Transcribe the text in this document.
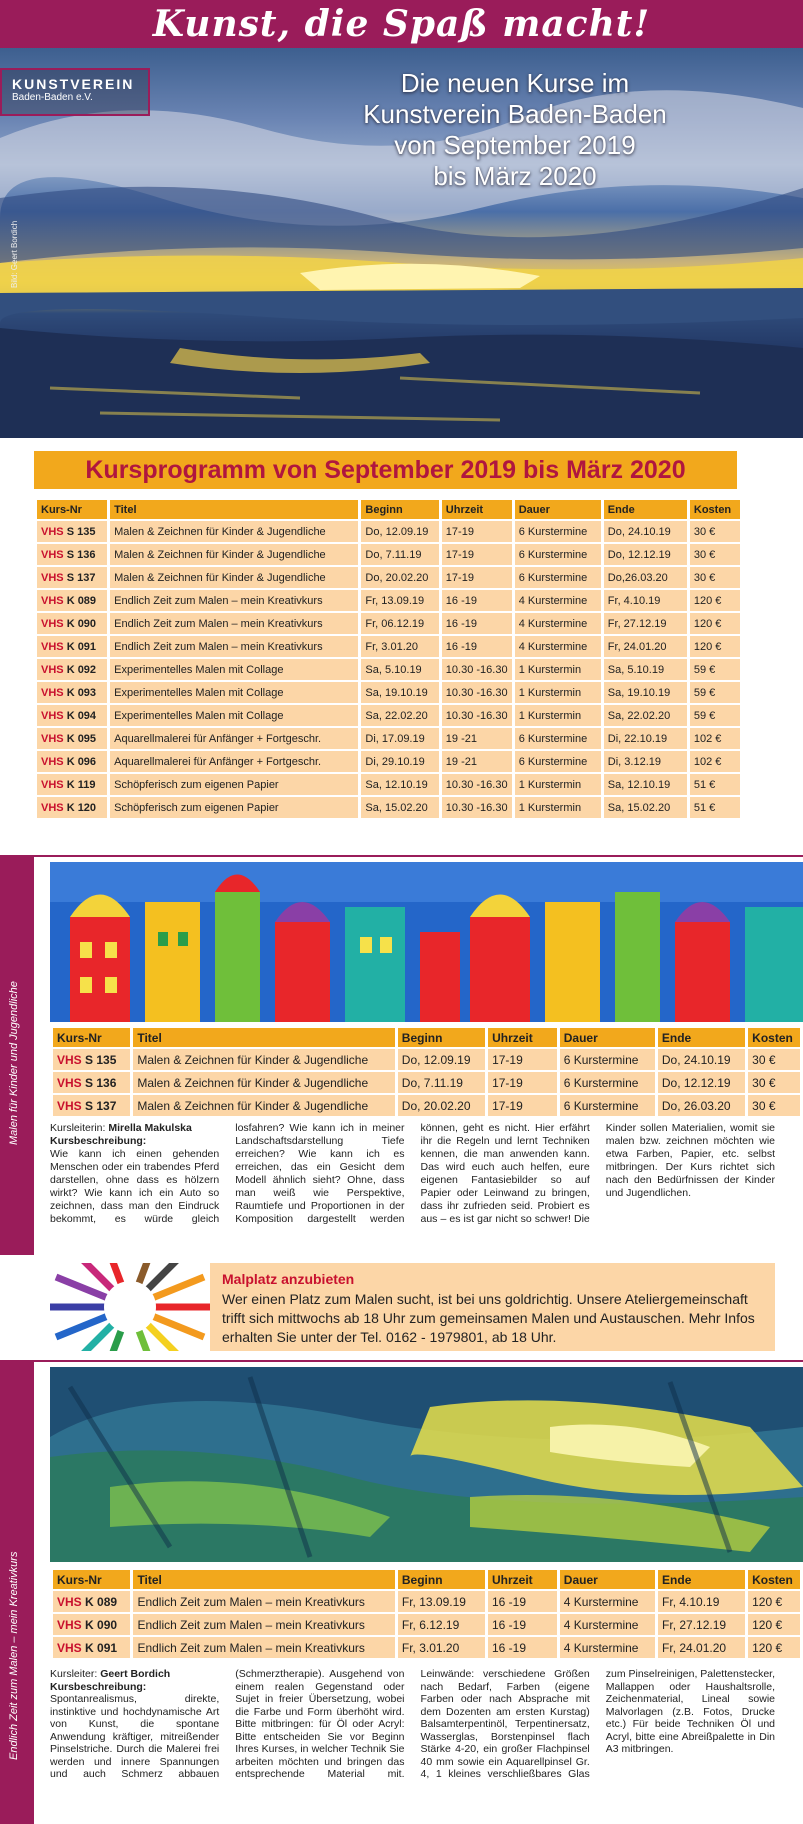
Kunst, die Spaß macht!
KUNSTVEREIN
Baden-Baden e.V.	Die neuen Kurse im
Kunstverein Baden-Baden
von September 2019
bis März 2020
Bild: Geert Bordich
Kursprogramm von September 2019 bis März 2020
Kurs-Nr	Titel	Beginn	Uhrzeit	Dauer	Ende	Kosten
VHS S 135	Malen & Zeichnen für Kinder & Jugendliche	Do, 12.09.19	17-19	6 Kurstermine	Do, 24.10.19	30 €
VHS S 136	Malen & Zeichnen für Kinder & Jugendliche	Do, 7.11.19	17-19	6 Kurstermine	Do, 12.12.19	30 €
VHS S 137	Malen & Zeichnen für Kinder & Jugendliche	Do, 20.02.20	17-19	6 Kurstermine	Do,26.03.20	30 €
VHS K 089	Endlich Zeit zum Malen – mein Kreativkurs	Fr, 13.09.19	16 -19	4 Kurstermine	Fr, 4.10.19	120 €
VHS K 090	Endlich Zeit zum Malen – mein Kreativkurs	Fr, 06.12.19	16 -19	4 Kurstermine	Fr, 27.12.19	120 €
VHS K 091	Endlich Zeit zum Malen – mein Kreativkurs	Fr, 3.01.20	16 -19	4 Kurstermine	Fr, 24.01.20	120 €
VHS K 092	Experimentelles Malen mit Collage	Sa, 5.10.19	10.30 -16.30	1 Kurstermin	Sa, 5.10.19	59 €
VHS K 093	Experimentelles Malen mit Collage	Sa, 19.10.19	10.30 -16.30	1 Kurstermin	Sa, 19.10.19	59 €
VHS K 094	Experimentelles Malen mit Collage	Sa, 22.02.20	10.30 -16.30	1 Kurstermin	Sa, 22.02.20	59 €
VHS K 095	Aquarellmalerei für Anfänger + Fortgeschr.	Di, 17.09.19	19 -21	6 Kurstermine	Di, 22.10.19	102 €
VHS K 096	Aquarellmalerei für Anfänger + Fortgeschr.	Di, 29.10.19	19 -21	6 Kurstermine	Di, 3.12.19	102 €
VHS K 119	Schöpferisch zum eigenen Papier	Sa, 12.10.19	10.30 -16.30	1 Kurstermin	Sa, 12.10.19	51 €
VHS K 120	Schöpferisch zum eigenen Papier	Sa, 15.02.20	10.30 -16.30	1 Kurstermin	Sa, 15.02.20	51 €
Malen für Kinder und Jugendliche	Kurs-Nr	Titel	Beginn	Uhrzeit	Dauer	Ende	Kosten
VHS S 135	Malen & Zeichnen für Kinder & Jugendliche	Do, 12.09.19	17-19	6 Kurstermine	Do, 24.10.19	30 €
VHS S 136	Malen & Zeichnen für Kinder & Jugendliche	Do, 7.11.19	17-19	6 Kurstermine	Do, 12.12.19	30 €
VHS S 137	Malen & Zeichnen für Kinder & Jugendliche	Do, 20.02.20	17-19	6 Kurstermine	Do, 26.03.20	30 €
Kursleiterin: Mirella Makulska
Kursbeschreibung:
Wie kann ich einen gehenden Menschen oder ein trabendes Pferd darstellen, ohne dass es hölzern wirkt? Wie kann ich ein Auto so zeichnen, dass man den Eindruck bekommt, es würde gleich losfahren? Wie kann ich in meiner Landschaftsdarstellung Tiefe erreichen? Wie kann ich es erreichen, das ein Gesicht dem Modell ähnlich sieht? Ohne, dass man weiß wie Perspektive, Raumtiefe und Proportionen in der Komposition dargestellt werden können, geht es nicht. Hier erfährt ihr die Regeln und lernt Techniken kennen, die man anwenden kann. Das wird euch auch helfen, eure eigenen Fantasiebilder so auf Papier oder Leinwand zu bringen, dass ihr zufrieden seid. Probiert es aus – es ist gar nicht so schwer! Die Kinder sollen Materialien, womit sie malen bzw. zeichnen möchten wie etwa Farben, Papier, etc. selbst mitbringen. Der Kurs richtet sich nach den Bedürfnissen der Kinder und Jugendlichen.
Malplatz anzubieten
Wer einen Platz zum Malen sucht, ist bei uns goldrichtig. Unsere Ateliergemeinschaft trifft sich mittwochs ab 18 Uhr zum gemeinsamen Malen und Austauschen. Mehr Infos erhalten Sie unter der Tel. 0162 - 1979801, ab 18 Uhr.
Endlich Zeit zum Malen – mein Kreativkurs	Kurs-Nr	Titel	Beginn	Uhrzeit	Dauer	Ende	Kosten
VHS K 089	Endlich Zeit zum Malen – mein Kreativkurs	Fr, 13.09.19	16 -19	4 Kurstermine	Fr, 4.10.19	120 €
VHS K 090	Endlich Zeit zum Malen – mein Kreativkurs	Fr, 6.12.19	16 -19	4 Kurstermine	Fr, 27.12.19	120 €
VHS K 091	Endlich Zeit zum Malen – mein Kreativkurs	Fr, 3.01.20	16 -19	4 Kurstermine	Fr, 24.01.20	120 €
Kursleiter: Geert Bordich
Kursbeschreibung:
Spontanrealismus, direkte, instinktive und hochdynamische Art von Kunst, die spontane Anwendung kräftiger, mitreißender Pinselstriche. Durch die Malerei frei werden und innere Spannungen und auch Schmerz abbauen (Schmerztherapie). Ausgehend von einem realen Gegenstand oder Sujet in freier Übersetzung, wobei die Farbe und Form überhöht wird. Bitte mitbringen: für Öl oder Acryl: Bitte entscheiden Sie vor Beginn Ihres Kurses, in welcher Technik Sie arbeiten möchten und bringen das entsprechende Material mit. Leinwände: verschiedene Größen nach Bedarf, Farben (eigene Farben oder nach Absprache mit dem Dozenten am ersten Kurstag) Balsamterpentinöl, Terpentinersatz, Wasserglas, Borstenpinsel flach Stärke 4-20, ein großer Flachpinsel 40 mm sowie ein Aquarellpinsel Gr. 4, 1 kleines verschließbares Glas zum Pinselreinigen, Palettenstecker, Mallappen oder Haushaltsrolle, Zeichenmaterial, Lineal sowie Malvorlagen (z.B. Fotos, Drucke etc.) Für beide Techniken Öl und Acryl, bitte eine Abreißpalette in Din A3 mitbringen.
